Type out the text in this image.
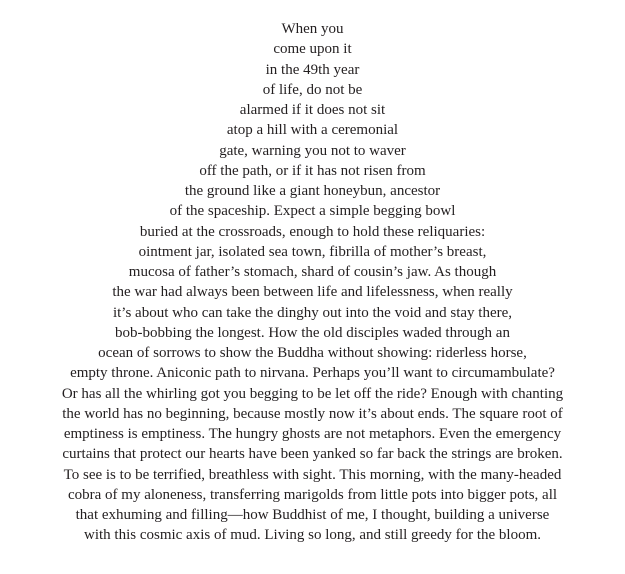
When you
come upon it
in the 49th year
of life, do not be
alarmed if it does not sit
atop a hill with a ceremonial
gate, warning you not to waver
off the path, or if it has not risen from
the ground like a giant honeybun, ancestor
of the spaceship. Expect a simple begging bowl
buried at the crossroads, enough to hold these reliquaries:
ointment jar, isolated sea town, fibrilla of mother’s breast,
mucosa of father’s stomach, shard of cousin’s jaw. As though
the war had always been between life and lifelessness, when really
it’s about who can take the dinghy out into the void and stay there,
bob-bobbing the longest. How the old disciples waded through an
ocean of sorrows to show the Buddha without showing: riderless horse,
empty throne. Aniconic path to nirvana. Perhaps you’ll want to circumambulate?
Or has all the whirling got you begging to be let off the ride? Enough with chanting
the world has no beginning, because mostly now it’s about ends. The square root of
emptiness is emptiness. The hungry ghosts are not metaphors. Even the emergency
curtains that protect our hearts have been yanked so far back the strings are broken.
To see is to be terrified, breathless with sight. This morning, with the many-headed
cobra of my aloneness, transferring marigolds from little pots into bigger pots, all
that exhuming and filling—how Buddhist of me, I thought, building a universe
with this cosmic axis of mud. Living so long, and still greedy for the bloom.
